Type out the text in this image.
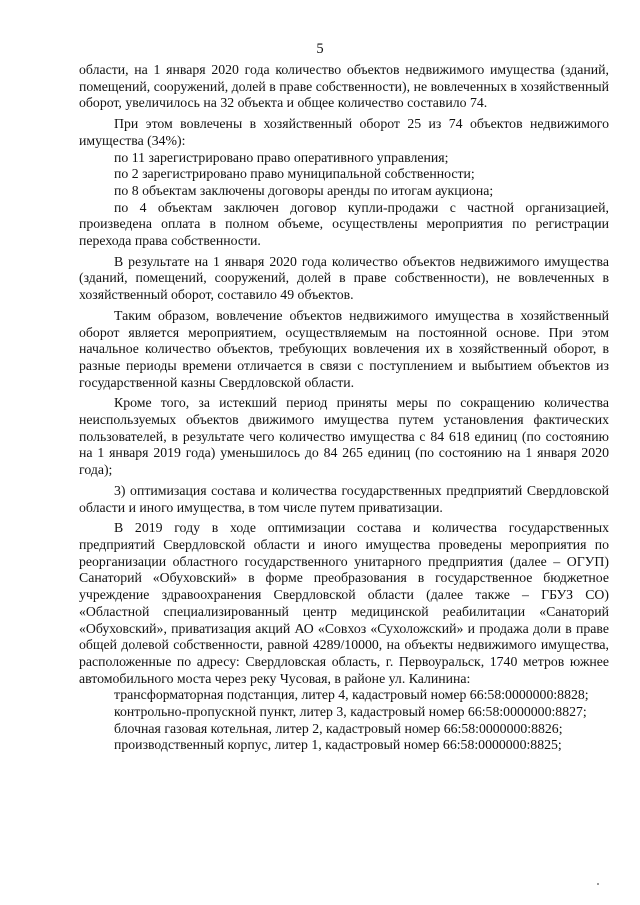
5

области, на 1 января 2020 года количество объектов недвижимого имущества (зданий, помещений, сооружений, долей в праве собственности), не вовлеченных в хозяйственный оборот, увеличилось на 32 объекта и общее количество составило 74.

При этом вовлечены в хозяйственный оборот 25 из 74 объектов недвижимого имущества (34%):

по 11 зарегистрировано право оперативного управления;

по 2 зарегистрировано право муниципальной собственности;

по 8 объектам заключены договоры аренды по итогам аукциона;

по 4 объектам заключен договор купли-продажи с частной организацией, произведена оплата в полном объеме, осуществлены мероприятия по регистрации перехода права собственности.

В результате на 1 января 2020 года количество объектов недвижимого имущества (зданий, помещений, сооружений, долей в праве собственности), не вовлеченных в хозяйственный оборот, составило 49 объектов.

Таким образом, вовлечение объектов недвижимого имущества в хозяйственный оборот является мероприятием, осуществляемым на постоянной основе. При этом начальное количество объектов, требующих вовлечения их в хозяйственный оборот, в разные периоды времени отличается в связи с поступлением и выбытием объектов из государственной казны Свердловской области.

Кроме того, за истекший период приняты меры по сокращению количества неиспользуемых объектов движимого имущества путем установления фактических пользователей, в результате чего количество имущества с 84 618 единиц (по состоянию на 1 января 2019 года) уменьшилось до 84 265 единиц (по состоянию на 1 января 2020 года);

3) оптимизация состава и количества государственных предприятий Свердловской области и иного имущества, в том числе путем приватизации.

В 2019 году в ходе оптимизации состава и количества государственных предприятий Свердловской области и иного имущества проведены мероприятия по реорганизации областного государственного унитарного предприятия (далее – ОГУП) Санаторий «Обуховский» в форме преобразования в государственное бюджетное учреждение здравоохранения Свердловской области (далее также – ГБУЗ СО) «Областной специализированный центр медицинской реабилитации «Санаторий «Обуховский», приватизация акций АО «Совхоз «Сухоложский» и продажа доли в праве общей долевой собственности, равной 4289/10000, на объекты недвижимого имущества, расположенные по адресу: Свердловская область, г. Первоуральск, 1740 метров южнее автомобильного моста через реку Чусовая, в районе ул. Калинина:

трансформаторная подстанция, литер 4, кадастровый номер 66:58:0000000:8828;

контрольно-пропускной пункт, литер 3, кадастровый номер 66:58:0000000:8827;

блочная газовая котельная, литер 2, кадастровый номер 66:58:0000000:8826;

производственный корпус, литер 1, кадастровый номер 66:58:0000000:8825;
